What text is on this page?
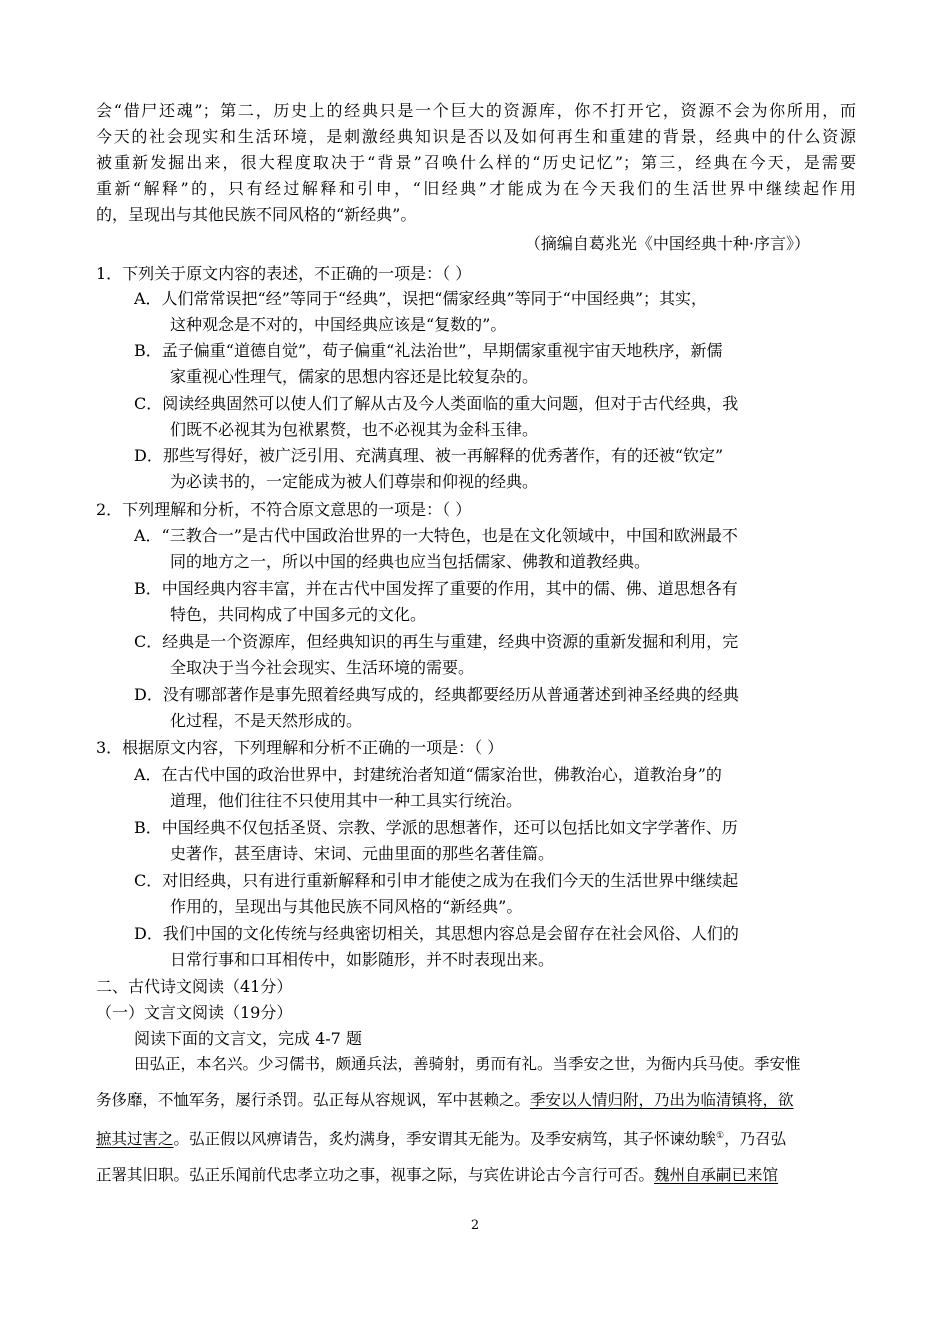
会“借尸还魂”；第二，历史上的经典只是一个巨大的资源库，你不打开它，资源不会为你所用，而
今天的社会现实和生活环境，是刺激经典知识是否以及如何再生和重建的背景，经典中的什么资源
被重新发掘出来，很大程度取决于“背景”召唤什么样的“历史记忆”；第三，经典在今天，是需要
重新“解释”的，只有经过解释和引申，“旧经典”才能成为在今天我们的生活世界中继续起作用
的，呈现出与其他民族不同风格的“新经典”。
（摘编自葛兆光《中国经典十种·序言》）
1．下列关于原文内容的表述，不正确的一项是：（ ）
A．人们常常误把“经”等同于“经典”，误把“儒家经典”等同于“中国经典”；其实，
这种观念是不对的，中国经典应该是“复数的”。
B．孟子偏重“道德自觉”，荀子偏重“礼法治世”，早期儒家重视宇宙天地秩序，新儒
家重视心性理气，儒家的思想内容还是比较复杂的。
C．阅读经典固然可以使人们了解从古及今人类面临的重大问题，但对于古代经典，我
们既不必视其为包袱累赘，也不必视其为金科玉律。
D．那些写得好，被广泛引用、充满真理、被一再解释的优秀著作，有的还被“钦定”
为必读书的，一定能成为被人们尊崇和仰视的经典。
2．下列理解和分析，不符合原文意思的一项是：（ ）
A．“三教合一”是古代中国政治世界的一大特色，也是在文化领域中，中国和欧洲最不
同的地方之一，所以中国的经典也应当包括儒家、佛教和道教经典。
B．中国经典内容丰富，并在古代中国发挥了重要的作用，其中的儒、佛、道思想各有
特色，共同构成了中国多元的文化。
C．经典是一个资源库，但经典知识的再生与重建，经典中资源的重新发掘和利用，完
全取决于当今社会现实、生活环境的需要。
D．没有哪部著作是事先照着经典写成的，经典都要经历从普通著述到神圣经典的经典
化过程，不是天然形成的。
3．根据原文内容，下列理解和分析不正确的一项是：（ ）
A．在古代中国的政治世界中，封建统治者知道“儒家治世，佛教治心，道教治身”的
道理，他们往往不只使用其中一种工具实行统治。
B．中国经典不仅包括圣贤、宗教、学派的思想著作，还可以包括比如文字学著作、历
史著作，甚至唐诗、宋词、元曲里面的那些名著佳篇。
C．对旧经典，只有进行重新解释和引申才能使之成为在我们今天的生活世界中继续起
作用的，呈现出与其他民族不同风格的“新经典”。
D．我们中国的文化传统与经典密切相关，其思想内容总是会留存在社会风俗、人们的
日常行事和口耳相传中，如影随形，并不时表现出来。
二、古代诗文阅读（41分）
（一）文言文阅读（19分）
阅读下面的文言文，完成 4-7 题
田弘正，本名兴。少习儒书，颇通兵法，善骑射，勇而有礼。当季安之世，为衙内兵马使。季安惟
务侈靡，不恤军务，屡行杀罚。弘正每从容规讽，军中甚赖之。季安以人情归附，乃出为临清镇将，欲
摭其过害之。弘正假以风痹请告，炙灼满身，季安谓其无能为。及季安病笃，其子怀谏幼騃①，乃召弘
正署其旧职。弘正乐闻前代忠孝立功之事，视事之际，与宾佐讲论古今言行可否。魏州自承嗣已来馆
2
